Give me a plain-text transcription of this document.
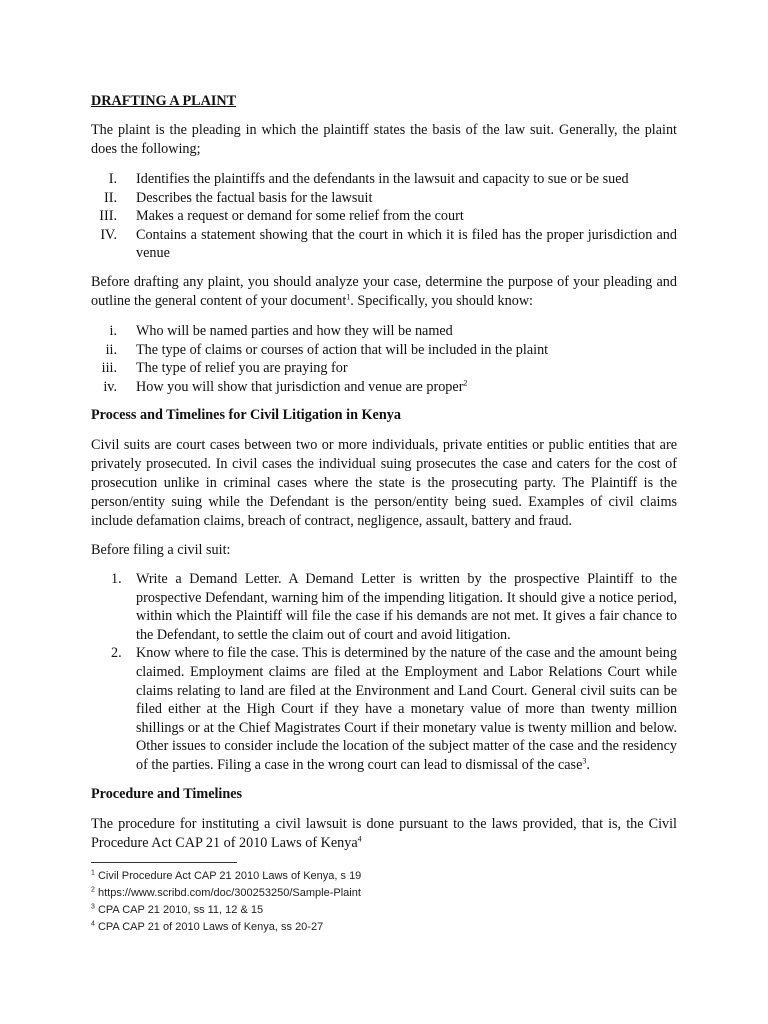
DRAFTING A PLAINT

The plaint is the pleading in which the plaintiff states the basis of the law suit. Generally, the plaint does the following;

I. Identifies the plaintiffs and the defendants in the lawsuit and capacity to sue or be sued
II. Describes the factual basis for the lawsuit
III. Makes a request or demand for some relief from the court
IV. Contains a statement showing that the court in which it is filed has the proper jurisdiction and venue

Before drafting any plaint, you should analyze your case, determine the purpose of your pleading and outline the general content of your document$^1$. Specifically, you should know:

i. Who will be named parties and how they will be named
ii. The type of claims or courses of action that will be included in the plaint
iii. The type of relief you are praying for
iv. How you will show that jurisdiction and venue are proper$^2$
Process and Timelines for Civil Litigation in Kenya

Civil suits are court cases between two or more individuals, private entities or public entities that are privately prosecuted. In civil cases the individual suing prosecutes the case and caters for the cost of prosecution unlike in criminal cases where the state is the prosecuting party. The Plaintiff is the person/entity suing while the Defendant is the person/entity being sued. Examples of civil claims include defamation claims, breach of contract, negligence, assault, battery and fraud.

Before filing a civil suit:

1. Write a Demand Letter. A Demand Letter is written by the prospective Plaintiff to the prospective Defendant, warning him of the impending litigation. It should give a notice period, within which the Plaintiff will file the case if his demands are not met. It gives a fair chance to the Defendant, to settle the claim out of court and avoid litigation.
2. Know where to file the case. This is determined by the nature of the case and the amount being claimed. Employment claims are filed at the Employment and Labor Relations Court while claims relating to land are filed at the Environment and Land Court. General civil suits can be filed either at the High Court if they have a monetary value of more than twenty million shillings or at the Chief Magistrates Court if their monetary value is twenty million and below. Other issues to consider include the location of the subject matter of the case and the residency of the parties. Filing a case in the wrong court can lead to dismissal of the case$^3$.
Procedure and Timelines

The procedure for instituting a civil lawsuit is done pursuant to the laws provided, that is, the Civil Procedure Act CAP 21 of 2010 Laws of Kenya$^4$

$^1$ Civil Procedure Act CAP 21 2010 Laws of Kenya, s 19
$^2$ https://www.scribd.com/doc/300253250/Sample-Plaint
$^3$ CPA CAP 21 2010, ss 11, 12 & 15
$^4$ CPA CAP 21 of 2010 Laws of Kenya, ss 20-27
